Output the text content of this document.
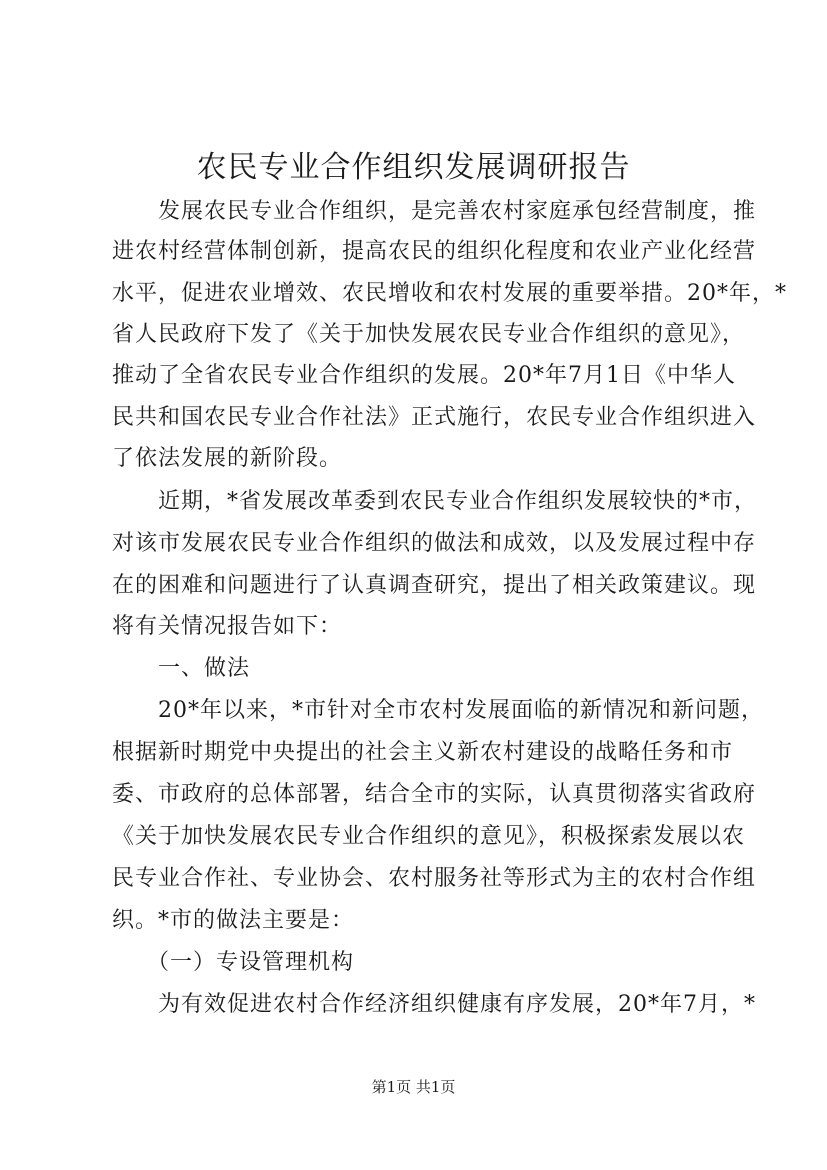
农民专业合作组织发展调研报告
　　发展农民专业合作组织，是完善农村家庭承包经营制度，推
进农村经营体制创新，提高农民的组织化程度和农业产业化经营
水平，促进农业增效、农民增收和农村发展的重要举措。20*年，*
省人民政府下发了《关于加快发展农民专业合作组织的意见》，
推动了全省农民专业合作组织的发展。20*年7月1日《中华人
民共和国农民专业合作社法》正式施行，农民专业合作组织进入
了依法发展的新阶段。
　　近期，*省发展改革委到农民专业合作组织发展较快的*市，
对该市发展农民专业合作组织的做法和成效，以及发展过程中存
在的困难和问题进行了认真调查研究，提出了相关政策建议。现
将有关情况报告如下：
　　一、做法
　　20*年以来，*市针对全市农村发展面临的新情况和新问题，
根据新时期党中央提出的社会主义新农村建设的战略任务和市
委、市政府的总体部署，结合全市的实际，认真贯彻落实省政府
《关于加快发展农民专业合作组织的意见》，积极探索发展以农
民专业合作社、专业协会、农村服务社等形式为主的农村合作组
织。*市的做法主要是：
　　（一）专设管理机构
　　为有效促进农村合作经济组织健康有序发展，20*年7月，*
第1页 共1页
